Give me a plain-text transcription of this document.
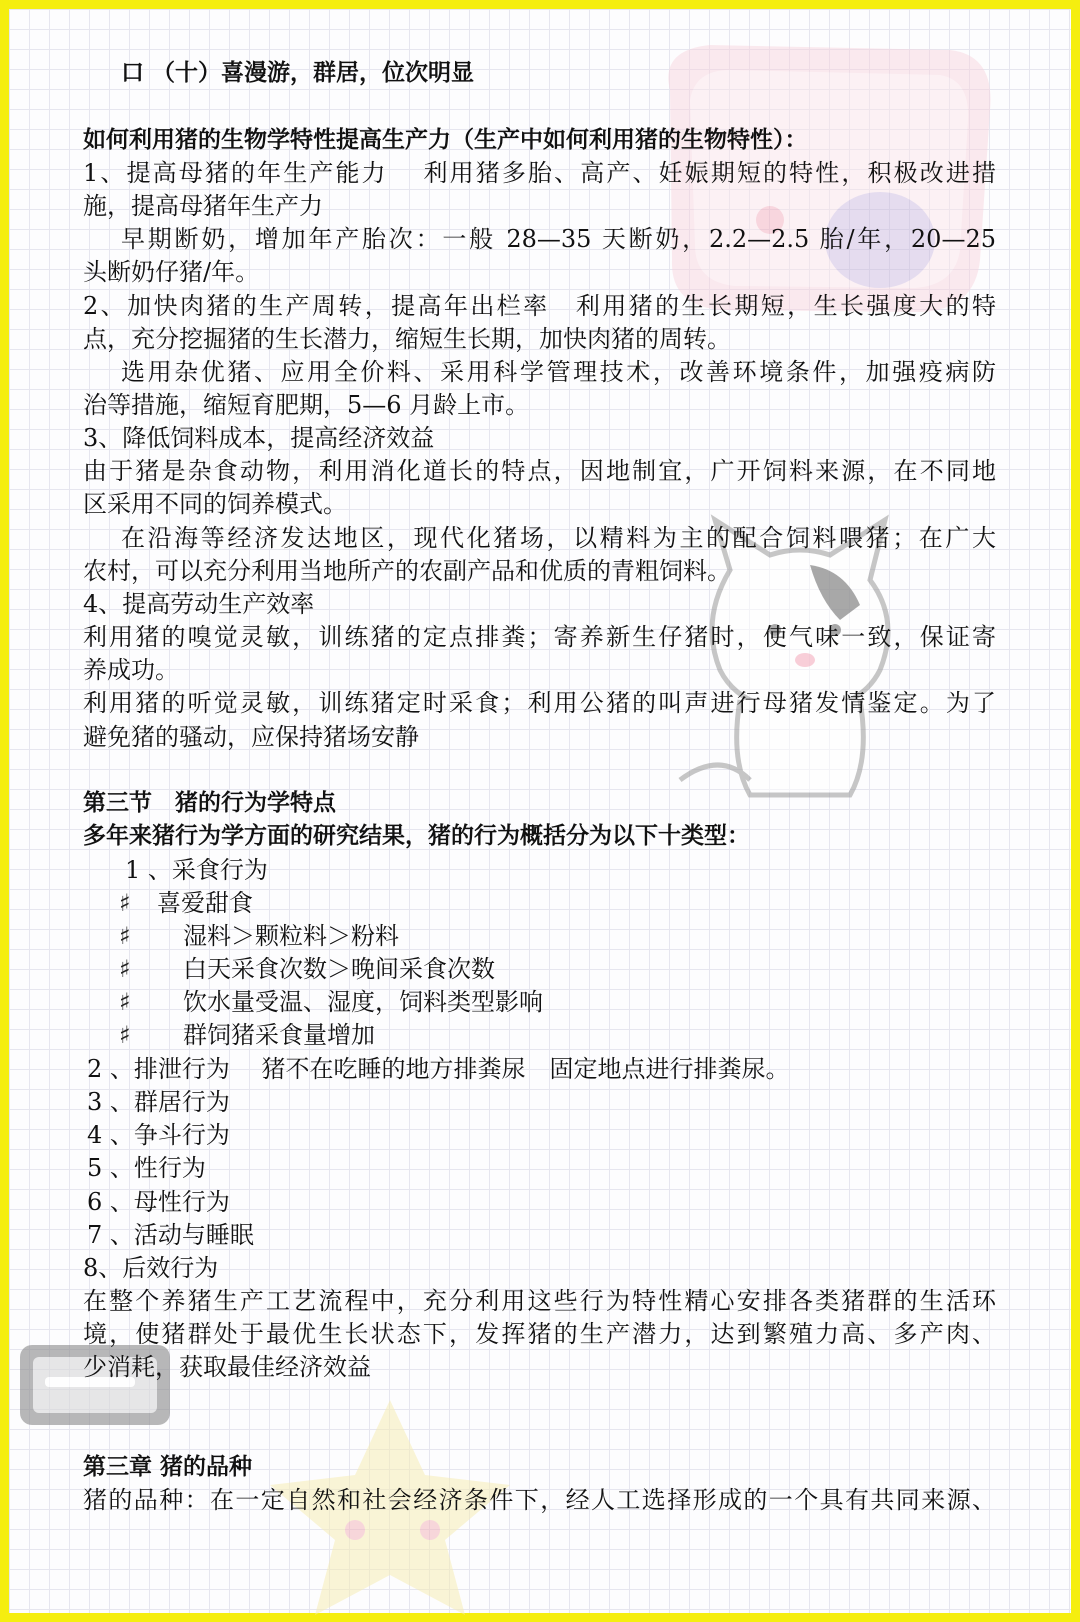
口 （十）喜漫游，群居，位次明显
如何利用猪的生物学特性提高生产力（生产中如何利用猪的生物特性）：
1、提高母猪的年生产能力　 利用猪多胎、高产、妊娠期短的特性，积极改进措
施，提高母猪年生产力
早期断奶，增加年产胎次：一般 28—35 天断奶，2.2—2.5 胎/年，20—25
头断奶仔猪/年。
2、加快肉猪的生产周转，提高年出栏率　利用猪的生长期短，生长强度大的特
点，充分挖掘猪的生长潜力，缩短生长期，加快肉猪的周转。
选用杂优猪、应用全价料、采用科学管理技术，改善环境条件，加强疫病防
治等措施，缩短育肥期，5—6 月龄上市。
3、降低饲料成本，提高经济效益
由于猪是杂食动物，利用消化道长的特点，因地制宜，广开饲料来源，在不同地
区采用不同的饲养模式。
在沿海等经济发达地区，现代化猪场，以精料为主的配合饲料喂猪；在广大
农村，可以充分利用当地所产的农副产品和优质的青粗饲料。
4、提高劳动生产效率
利用猪的嗅觉灵敏，训练猪的定点排粪；寄养新生仔猪时，使气味一致，保证寄
养成功。
利用猪的听觉灵敏，训练猪定时采食；利用公猪的叫声进行母猪发情鉴定。为了
避免猪的骚动，应保持猪场安静
第三节　猪的行为学特点
多年来猪行为学方面的研究结果，猪的行为概括分为以下十类型：
1 、采食行为
♯ 喜爱甜食
♯ 湿料＞颗粒料＞粉料
♯ 白天采食次数＞晚间采食次数
♯ 饮水量受温、湿度，饲料类型影响
♯ 群饲猪采食量增加
2 、排泄行为　 猪不在吃睡的地方排粪尿　固定地点进行排粪尿。
3 、群居行为
4 、争斗行为
5 、性行为
6 、母性行为
7 、活动与睡眠
8、后效行为
在整个养猪生产工艺流程中，充分利用这些行为特性精心安排各类猪群的生活环
境，使猪群处于最优生长状态下，发挥猪的生产潜力，达到繁殖力高、多产肉、
少消耗，获取最佳经济效益
第三章 猪的品种
猪的品种：在一定自然和社会经济条件下，经人工选择形成的一个具有共同来源、
